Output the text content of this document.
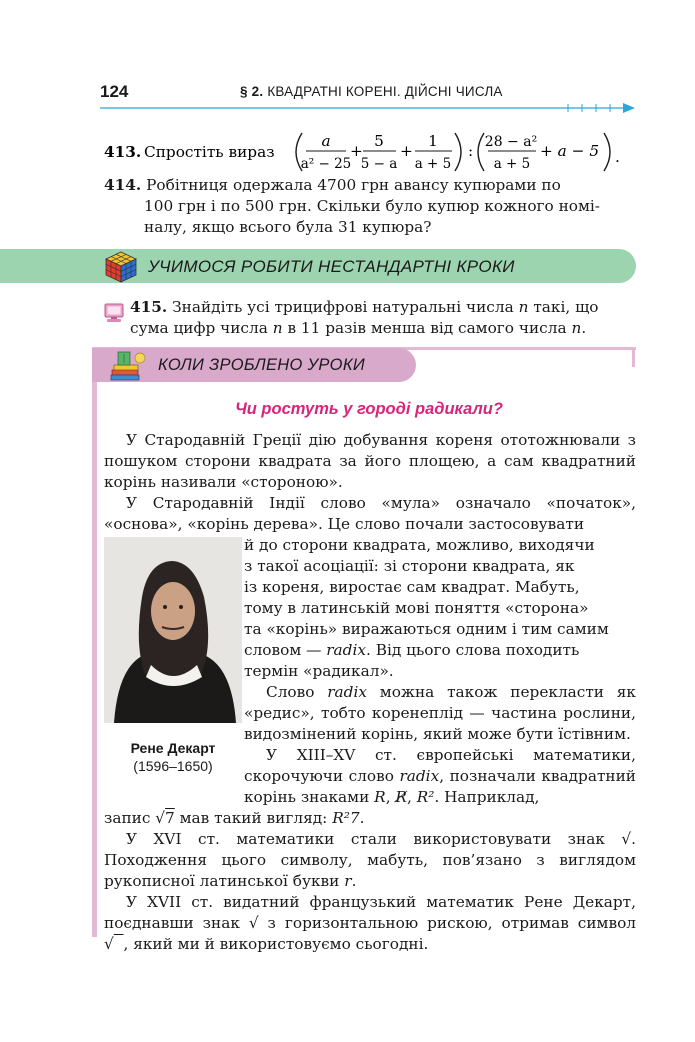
124	§ 2. КВАДРАТНІ КОРЕНІ. ДІЙСНІ ЧИСЛА
413. Спростіть вираз
a
a² − 25
+
5
5 − a
+
1
a + 5
: 28 − a²
a + 5
+ a − 5 .
414. Робітниця одержала 4700 грн авансу купюрами по
100 грн і по 500 грн. Скільки було купюр кожного номі-
налу, якщо всього була 31 купюра?
УЧИМОСЯ РОБИТИ НЕСТАНДАРТНІ КРОКИ
415. Знайдіть усі трицифрові натуральні числа n такі, що сума цифр числа n в 11 разів менша від самого числа n.
КОЛИ ЗРОБЛЕНО УРОКИ
Чи ростуть у городі радикали?
У Стародавній Греції дію добування кореня ототожнювали з пошуком сторони квадрата за його площею, а сам квадратний корінь називали «стороною».
У Стародавній Індії слово «мула» означало «початок», «основа», «корінь дерева». Це слово почали застосовувати
Рене Декарт
(1596–1650)
й до сторони квадрата, можливо, виходячи
з такої асоціації: зі сторони квадрата, як
із кореня, виростає сам квадрат. Мабуть,
тому в латинській мові поняття «сторона»
та «корінь» виражаються одним і тим самим
словом — radix. Від цього слова походить
термін «радикал».
Слово radix можна також перекласти як «редис», тобто коренеплід — частина рослини, видозмінений корінь, який може бути їстівним.
У XIII–XV ст. європейські математики, скорочуючи слово radix, позначали квадратний корінь знаками R, R̸, R². Наприклад,
запис √7 мав такий вигляд: R²7.
У XVI ст. математики стали використовувати знак √. Походження цього символу, мабуть, пов’язано з виглядом рукописної латинської букви r.
У XVII ст. видатний французький математик Рене Декарт, поєднавши знак √ з горизонтальною рискою, отримав символ √ , який ми й використовуємо сьогодні.
